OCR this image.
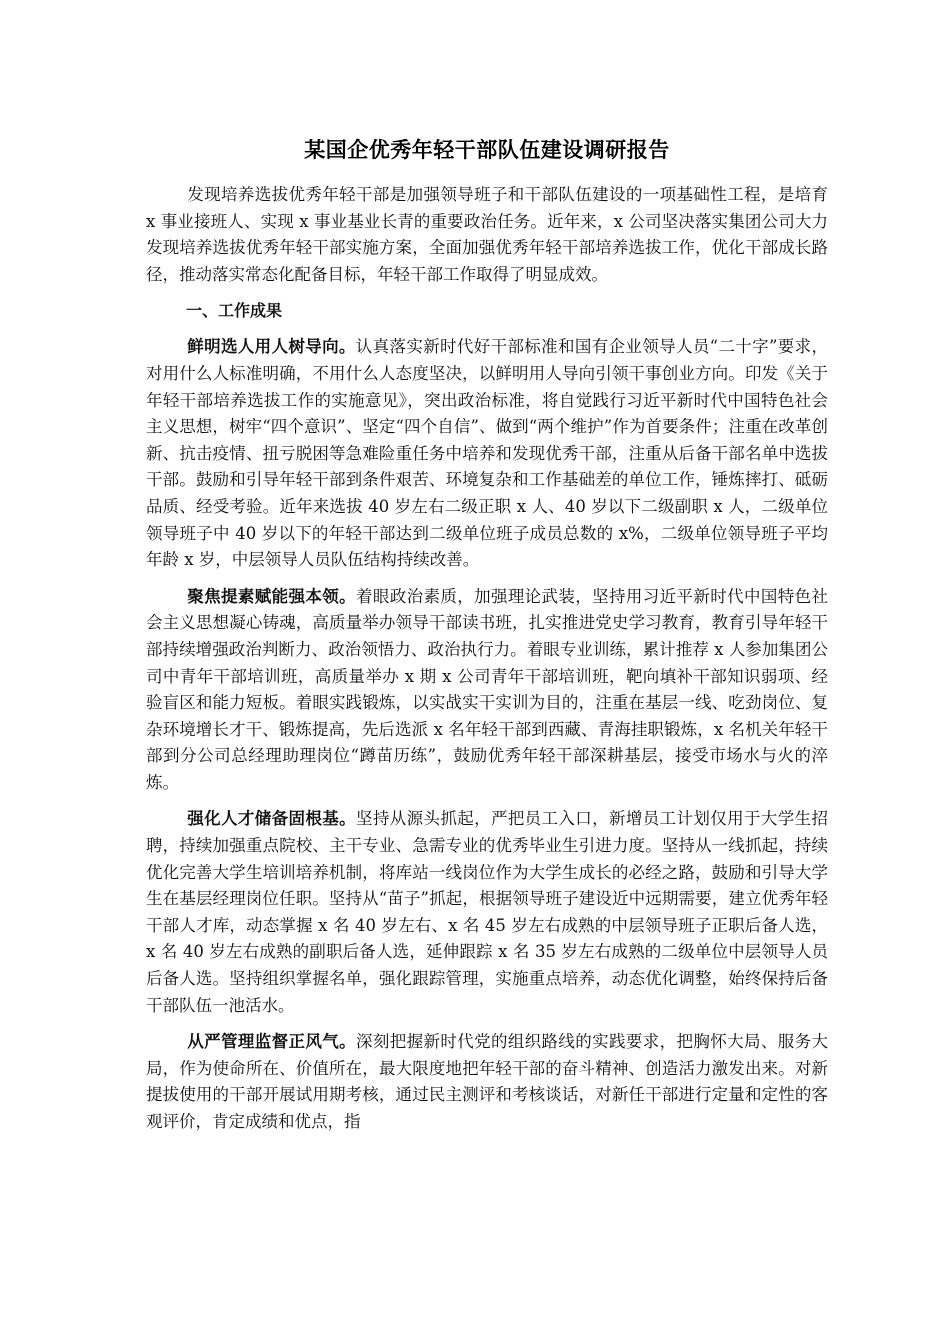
某国企优秀年轻干部队伍建设调研报告

发现培养选拔优秀年轻干部是加强领导班子和干部队伍建设的一项基础性工程，是培育 x 事业接班人、实现 x 事业基业长青的重要政治任务。近年来，x 公司坚决落实集团公司大力发现培养选拔优秀年轻干部实施方案，全面加强优秀年轻干部培养选拔工作，优化干部成长路径，推动落实常态化配备目标，年轻干部工作取得了明显成效。

一、工作成果

鲜明选人用人树导向。认真落实新时代好干部标准和国有企业领导人员“二十字”要求，对用什么人标准明确，不用什么人态度坚决，以鲜明用人导向引领干事创业方向。印发《关于年轻干部培养选拔工作的实施意见》，突出政治标准，将自觉践行习近平新时代中国特色社会主义思想，树牢“四个意识”、坚定“四个自信”、做到“两个维护”作为首要条件；注重在改革创新、抗击疫情、扭亏脱困等急难险重任务中培养和发现优秀干部，注重从后备干部名单中选拔干部。鼓励和引导年轻干部到条件艰苦、环境复杂和工作基础差的单位工作，锤炼摔打、砥砺品质、经受考验。近年来选拔 40 岁左右二级正职 x 人、40 岁以下二级副职 x 人，二级单位领导班子中 40 岁以下的年轻干部达到二级单位班子成员总数的 x%，二级单位领导班子平均年龄 x 岁，中层领导人员队伍结构持续改善。

聚焦提素赋能强本领。着眼政治素质，加强理论武装，坚持用习近平新时代中国特色社会主义思想凝心铸魂，高质量举办领导干部读书班，扎实推进党史学习教育，教育引导年轻干部持续增强政治判断力、政治领悟力、政治执行力。着眼专业训练，累计推荐 x 人参加集团公司中青年干部培训班，高质量举办 x 期 x 公司青年干部培训班，靶向填补干部知识弱项、经验盲区和能力短板。着眼实践锻炼，以实战实干实训为目的，注重在基层一线、吃劲岗位、复杂环境增长才干、锻炼提高，先后选派 x 名年轻干部到西藏、青海挂职锻炼，x 名机关年轻干部到分公司总经理助理岗位“蹲苗历练”，鼓励优秀年轻干部深耕基层，接受市场水与火的淬炼。

强化人才储备固根基。坚持从源头抓起，严把员工入口，新增员工计划仅用于大学生招聘，持续加强重点院校、主干专业、急需专业的优秀毕业生引进力度。坚持从一线抓起，持续优化完善大学生培训培养机制，将库站一线岗位作为大学生成长的必经之路，鼓励和引导大学生在基层经理岗位任职。坚持从“苗子”抓起，根据领导班子建设近中远期需要，建立优秀年轻干部人才库，动态掌握 x 名 40 岁左右、x 名 45 岁左右成熟的中层领导班子正职后备人选，x 名 40 岁左右成熟的副职后备人选，延伸跟踪 x 名 35 岁左右成熟的二级单位中层领导人员后备人选。坚持组织掌握名单，强化跟踪管理，实施重点培养，动态优化调整，始终保持后备干部队伍一池活水。

从严管理监督正风气。深刻把握新时代党的组织路线的实践要求，把胸怀大局、服务大局，作为使命所在、价值所在，最大限度地把年轻干部的奋斗精神、创造活力激发出来。对新提拔使用的干部开展试用期考核，通过民主测评和考核谈话，对新任干部进行定量和定性的客观评价，肯定成绩和优点，指
